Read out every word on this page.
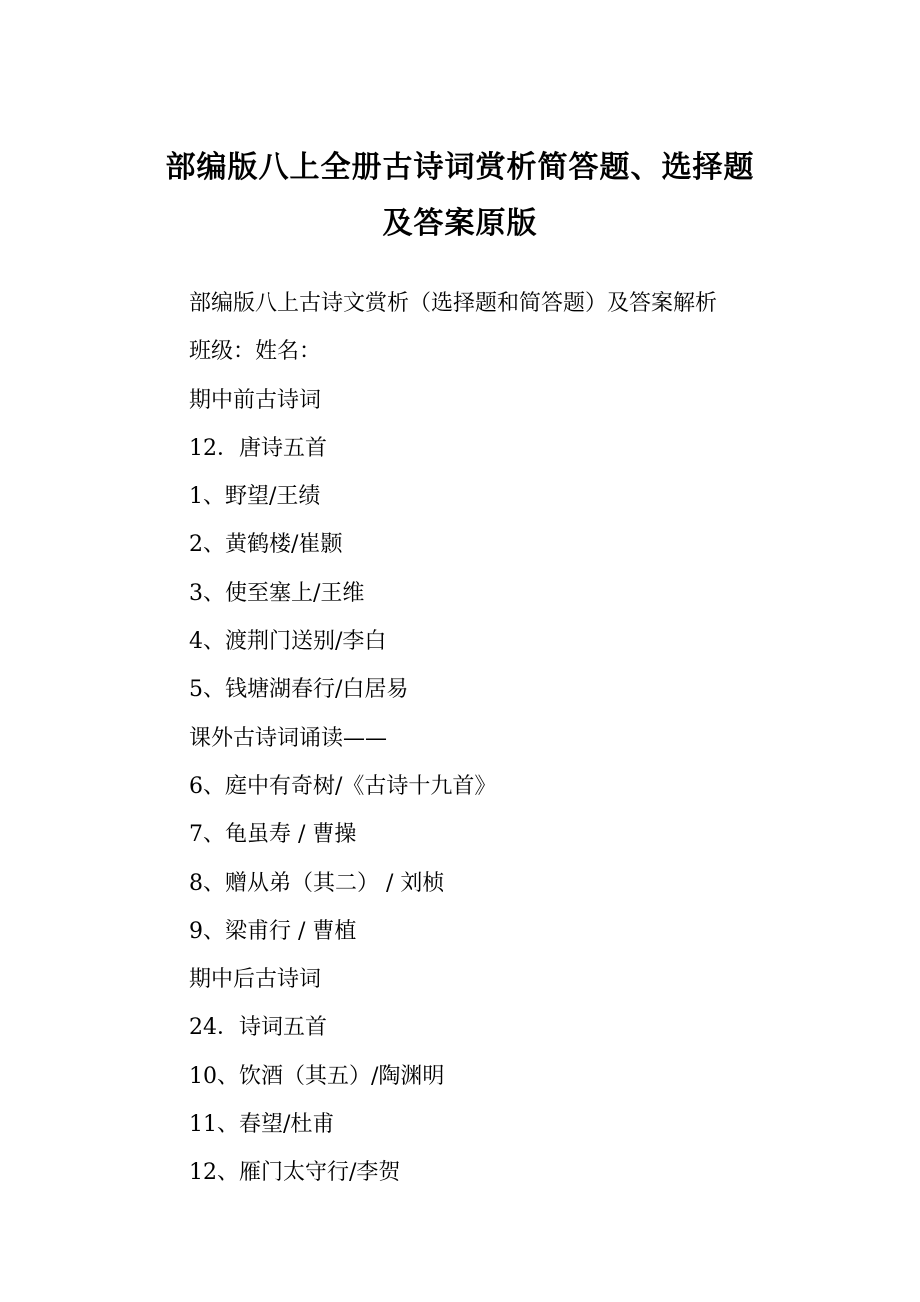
部编版八上全册古诗词赏析简答题、选择题
及答案原版
部编版八上古诗文赏析（选择题和简答题）及答案解析
班级：姓名：
期中前古诗词
12．唐诗五首
1、野望/王绩
2、黄鹤楼/崔颢
3、使至塞上/王维
4、渡荆门送别/李白
5、钱塘湖春行/白居易
课外古诗词诵读——
6、庭中有奇树/《古诗十九首》
7、龟虽寿 / 曹操
8、赠从弟（其二） / 刘桢
9、梁甫行 / 曹植
期中后古诗词
24．诗词五首
10、饮酒（其五）/陶渊明
11、春望/杜甫
12、雁门太守行/李贺
